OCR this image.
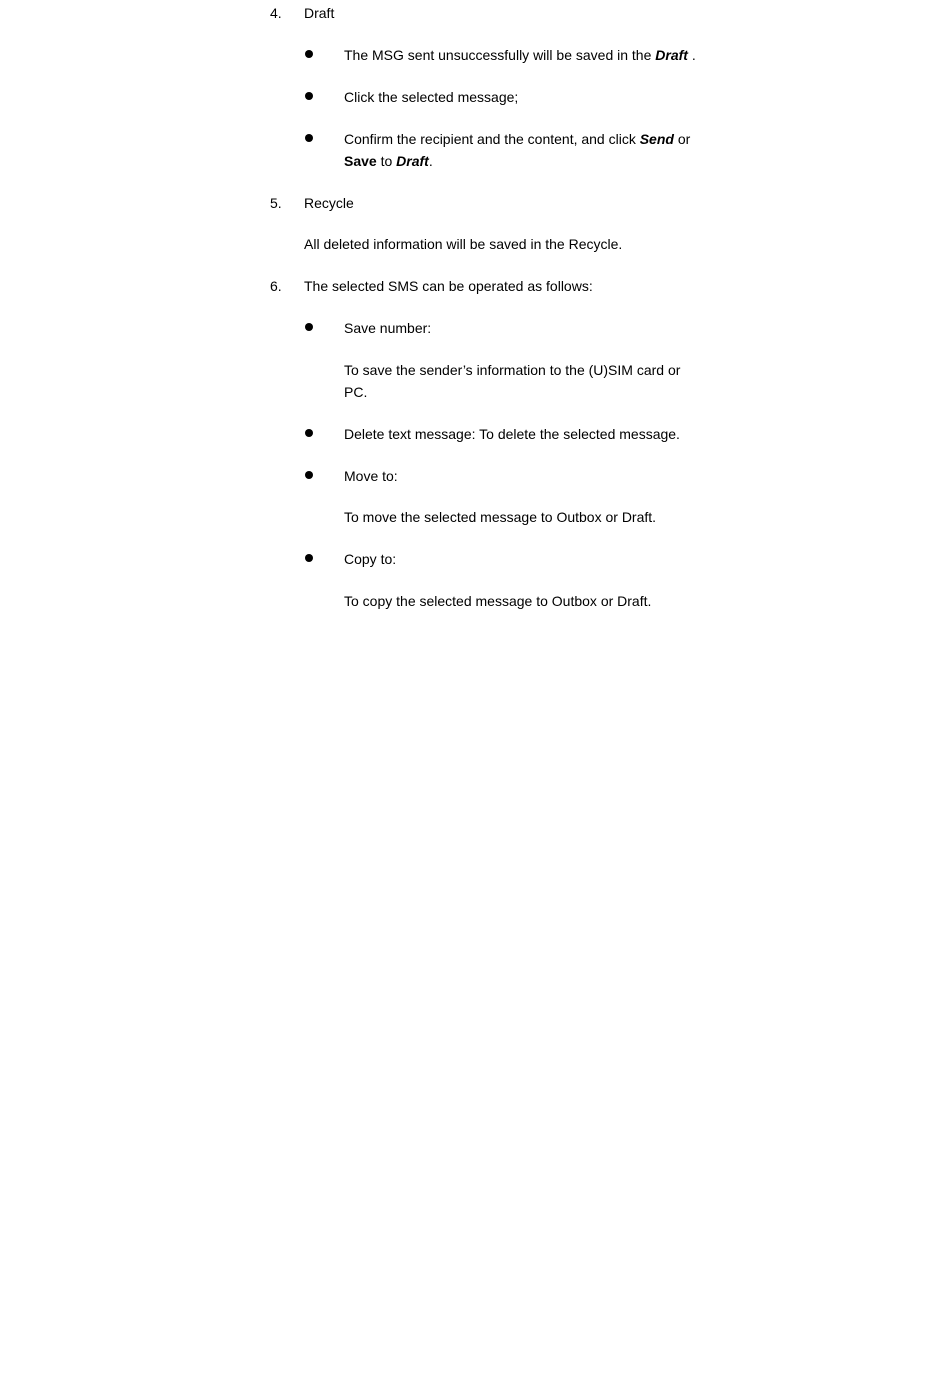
4. Draft
The MSG sent unsuccessfully will be saved in the Draft .
Click the selected message;
Confirm the recipient and the content, and click Send or
Save to Draft.
5. Recycle
All deleted information will be saved in the Recycle.
6. The selected SMS can be operated as follows:
Save number:
To save the sender’s information to the (U)SIM card or
PC.
Delete text message: To delete the selected message.
Move to:
To move the selected message to Outbox or Draft.
Copy to:
To copy the selected message to Outbox or Draft.
